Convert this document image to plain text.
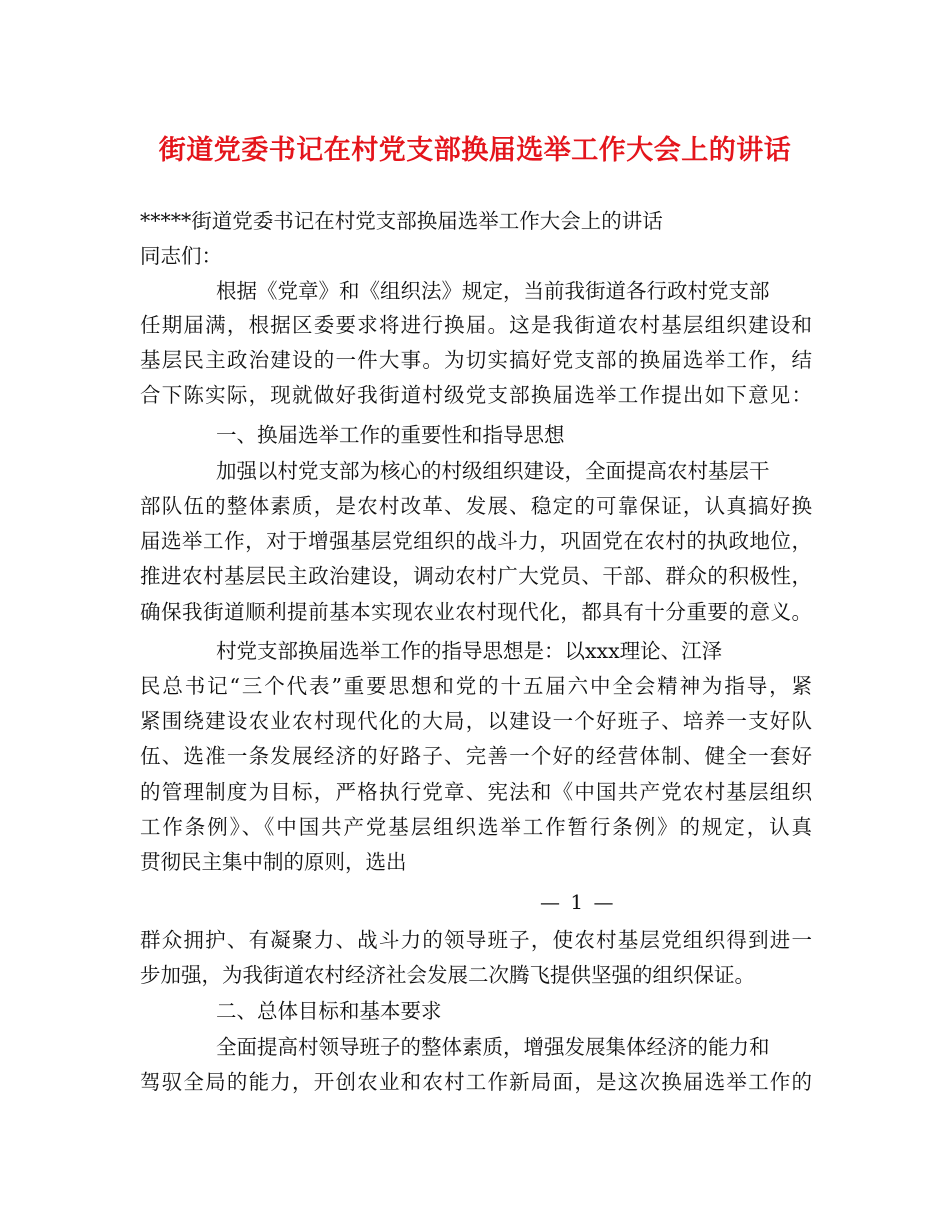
街道党委书记在村党支部换届选举工作大会上的讲话
*****街道党委书记在村党支部换届选举工作大会上的讲话
同志们：
根据《党章》和《组织法》规定，当前我街道各行政村党支部
任期届满，根据区委要求将进行换届。这是我街道农村基层组织建设和
基层民主政治建设的一件大事。为切实搞好党支部的换届选举工作，结
合下陈实际，现就做好我街道村级党支部换届选举工作提出如下意见：
一、换届选举工作的重要性和指导思想
加强以村党支部为核心的村级组织建设，全面提高农村基层干
部队伍的整体素质，是农村改革、发展、稳定的可靠保证，认真搞好换
届选举工作，对于增强基层党组织的战斗力，巩固党在农村的执政地位，
推进农村基层民主政治建设，调动农村广大党员、干部、群众的积极性，
确保我街道顺利提前基本实现农业农村现代化，都具有十分重要的意义。
村党支部换届选举工作的指导思想是：以xxx理论、江泽
民总书记“三个代表”重要思想和党的十五届六中全会精神为指导，紧
紧围绕建设农业农村现代化的大局，以建设一个好班子、培养一支好队
伍、选准一条发展经济的好路子、完善一个好的经营体制、健全一套好
的管理制度为目标，严格执行党章、宪法和《中国共产党农村基层组织
工作条例》、《中国共产党基层组织选举工作暂行条例》的规定，认真
贯彻民主集中制的原则，选出
— 1 —
群众拥护、有凝聚力、战斗力的领导班子，使农村基层党组织得到进一
步加强，为我街道农村经济社会发展二次腾飞提供坚强的组织保证。
二、总体目标和基本要求
全面提高村领导班子的整体素质，增强发展集体经济的能力和
驾驭全局的能力，开创农业和农村工作新局面，是这次换届选举工作的
